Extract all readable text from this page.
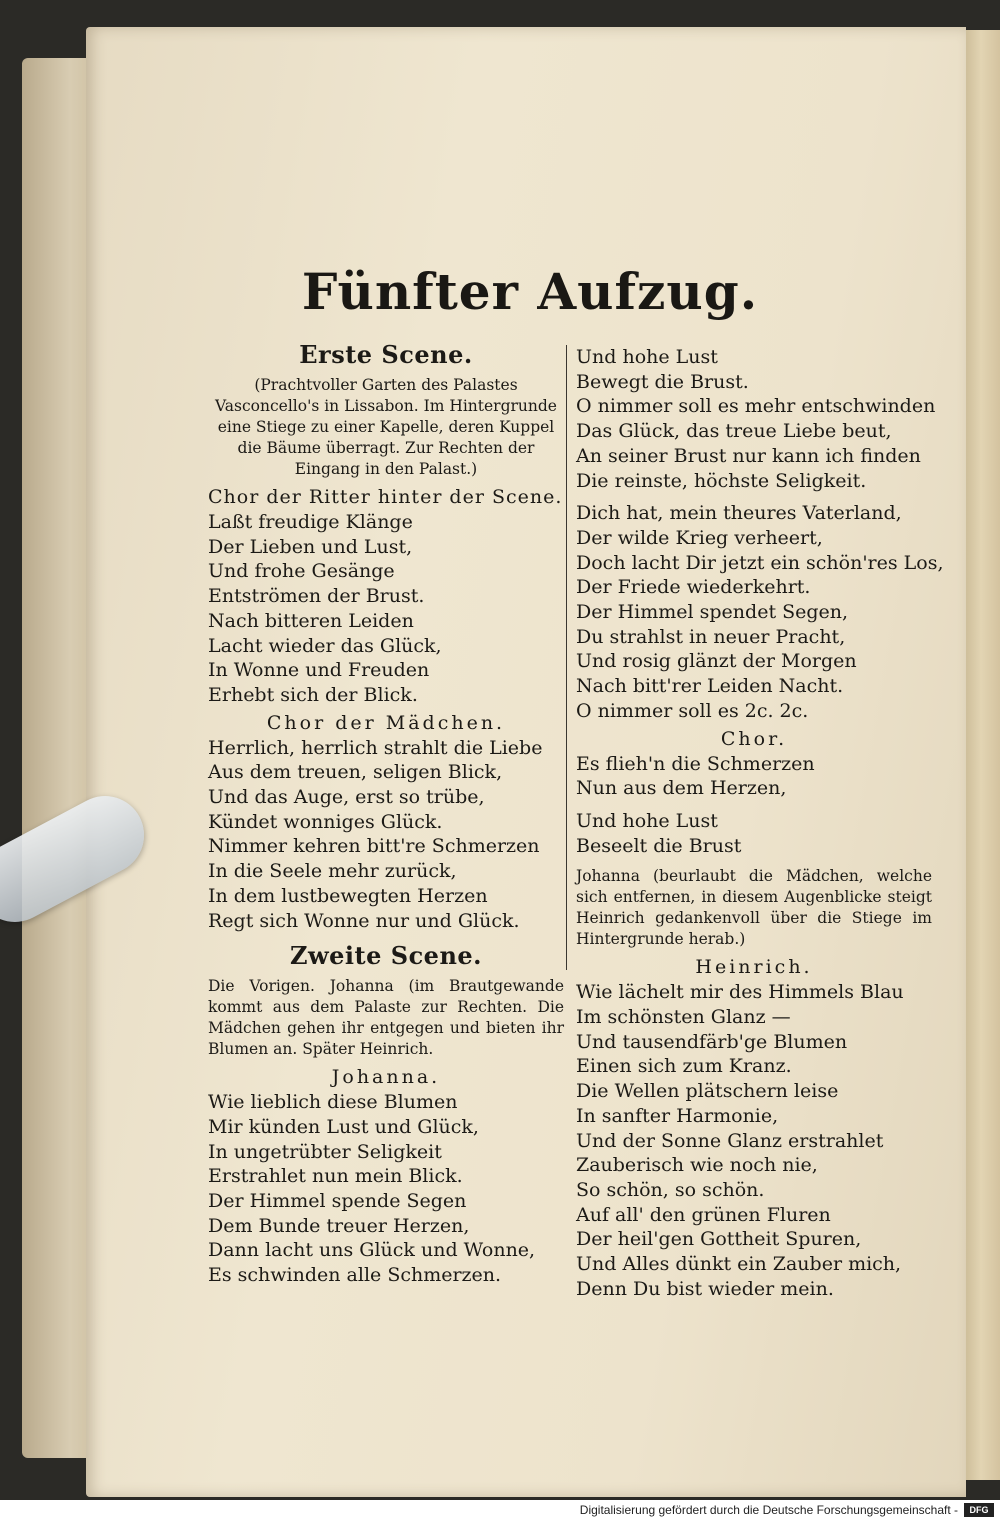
Fünfter Aufzug.
Erste Scene.
(Prachtvoller Garten des Palastes Vasconcello's in Lissabon. Im Hintergrunde eine Stiege zu einer Kapelle, deren Kuppel die Bäume überragt. Zur Rechten der Eingang in den Palast.)
Chor der Ritter hinter der Scene.
Laßt freudige Klänge
Der Lieben und Lust,
Und frohe Gesänge
Entströmen der Brust.
Nach bitteren Leiden
Lacht wieder das Glück,
In Wonne und Freuden
Erhebt sich der Blick.
Chor der Mädchen.
Herrlich, herrlich strahlt die Liebe
Aus dem treuen, seligen Blick,
Und das Auge, erst so trübe,
Kündet wonniges Glück.
Nimmer kehren bitt're Schmerzen
In die Seele mehr zurück,
In dem lustbewegten Herzen
Regt sich Wonne nur und Glück.
Zweite Scene.
Die Vorigen. Johanna (im Brautgewande kommt aus dem Palaste zur Rechten. Die Mädchen gehen ihr entgegen und bieten ihr Blumen an. Später Heinrich.
Johanna.
Wie lieblich diese Blumen
Mir künden Lust und Glück,
In ungetrübter Seligkeit
Erstrahlet nun mein Blick.
Der Himmel spende Segen
Dem Bunde treuer Herzen,
Dann lacht uns Glück und Wonne,
Es schwinden alle Schmerzen.
Und hohe Lust
Bewegt die Brust.
O nimmer soll es mehr entschwinden
Das Glück, das treue Liebe beut,
An seiner Brust nur kann ich finden
Die reinste, höchste Seligkeit.
Dich hat, mein theures Vaterland,
Der wilde Krieg verheert,
Doch lacht Dir jetzt ein schön'res Los,
Der Friede wiederkehrt.
Der Himmel spendet Segen,
Du strahlst in neuer Pracht,
Und rosig glänzt der Morgen
Nach bitt'rer Leiden Nacht.
O nimmer soll es 2c. 2c.
Chor.
Es flieh'n die Schmerzen
Nun aus dem Herzen,
Und hohe Lust
Beseelt die Brust
Johanna (beurlaubt die Mädchen, welche sich entfernen, in diesem Augenblicke steigt Heinrich gedankenvoll über die Stiege im Hintergrunde herab.)
Heinrich.
Wie lächelt mir des Himmels Blau
Im schönsten Glanz —
Und tausendfärb'ge Blumen
Einen sich zum Kranz.
Die Wellen plätschern leise
In sanfter Harmonie,
Und der Sonne Glanz erstrahlet
Zauberisch wie noch nie,
So schön, so schön.
Auf all' den grünen Fluren
Der heil'gen Gottheit Spuren,
Und Alles dünkt ein Zauber mich,
Denn Du bist wieder mein.
Digitalisierung gefördert durch die Deutsche Forschungsgemeinschaft -	DFG
